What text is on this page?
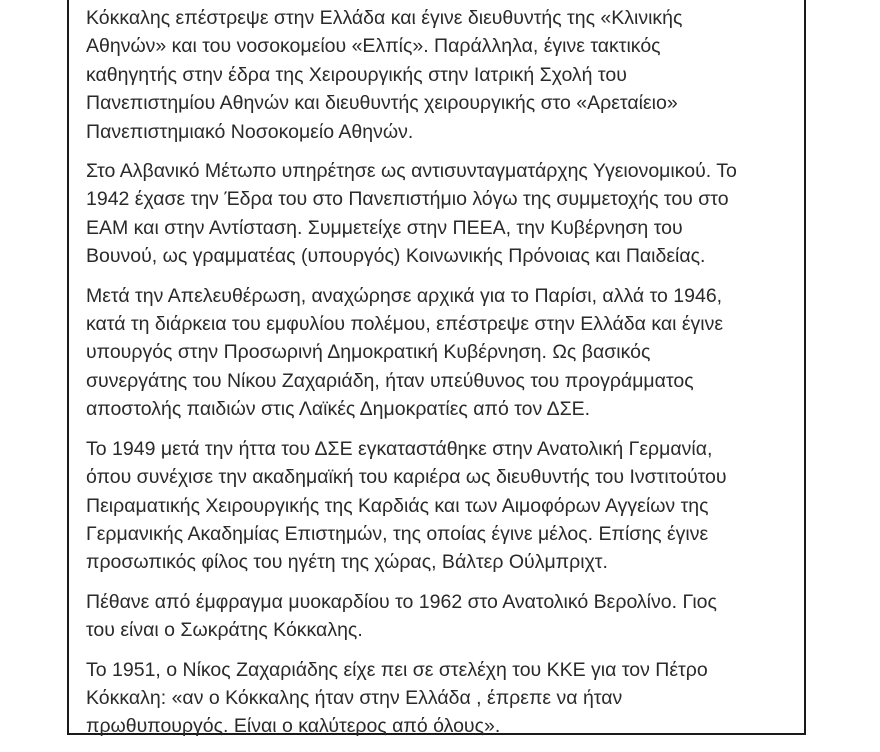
Κόκκαλης επέστρεψε στην Ελλάδα και έγινε διευθυντής της «Κλινικής
Αθηνών» και του νοσοκομείου «Ελπίς». Παράλληλα, έγινε τακτικός
καθηγητής στην έδρα της Χειρουργικής στην Ιατρική Σχολή του
Πανεπιστημίου Αθηνών και διευθυντής χειρουργικής στο «Αρεταίειο»
Πανεπιστημιακό Νοσοκομείο Αθηνών.

Στο Αλβανικό Μέτωπο υπηρέτησε ως αντισυνταγματάρχης Υγειονομικού. Το
1942 έχασε την Έδρα του στο Πανεπιστήμιο λόγω της συμμετοχής του στο
ΕΑΜ και στην Αντίσταση. Συμμετείχε στην ΠΕΕΑ, την Κυβέρνηση του
Βουνού, ως γραμματέας (υπουργός) Κοινωνικής Πρόνοιας και Παιδείας.

Μετά την Απελευθέρωση, αναχώρησε αρχικά για το Παρίσι, αλλά το 1946,
κατά τη διάρκεια του εμφυλίου πολέμου, επέστρεψε στην Ελλάδα και έγινε
υπουργός στην Προσωρινή Δημοκρατική Κυβέρνηση. Ως βασικός
συνεργάτης του Νίκου Ζαχαριάδη, ήταν υπεύθυνος του προγράμματος
αποστολής παιδιών στις Λαϊκές Δημοκρατίες από τον ΔΣΕ.

Το 1949 μετά την ήττα του ΔΣΕ εγκαταστάθηκε στην Ανατολική Γερμανία,
όπου συνέχισε την ακαδημαϊκή του καριέρα ως διευθυντής του Ινστιτούτου
Πειραματικής Χειρουργικής της Καρδιάς και των Αιμοφόρων Αγγείων της
Γερμανικής Ακαδημίας Επιστημών, της οποίας έγινε μέλος. Επίσης έγινε
προσωπικός φίλος του ηγέτη της χώρας, Βάλτερ Ούλμπριχτ.

Πέθανε από έμφραγμα μυοκαρδίου το 1962 στο Ανατολικό Βερολίνο. Γιος
του είναι ο Σωκράτης Κόκκαλης.

Το 1951, ο Νίκος Ζαχαριάδης είχε πει σε στελέχη του ΚΚΕ για τον Πέτρο
Κόκκαλη: «αν ο Κόκκαλης ήταν στην Ελλάδα , έπρεπε να ήταν
πρωθυπουργός. Είναι ο καλύτερος από όλους».
